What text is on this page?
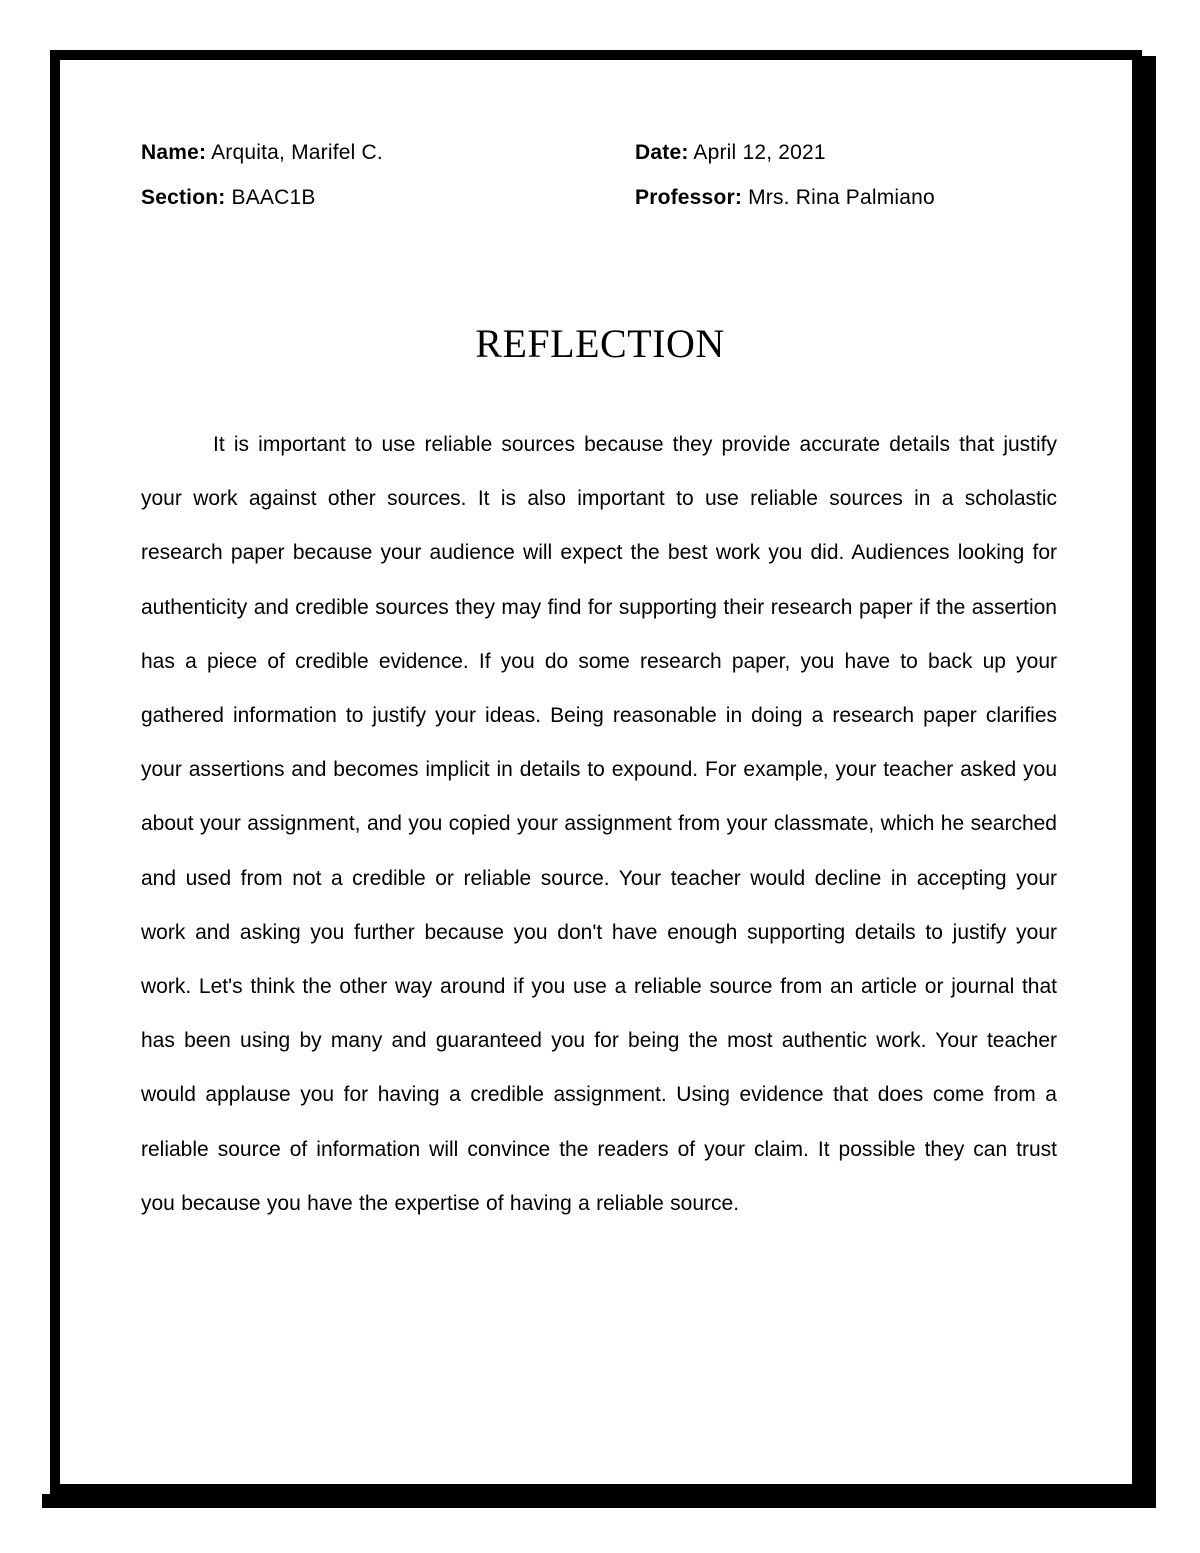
Name: Arquita, Marifel C.	Date: April 12, 2021
Section: BAAC1B	Professor: Mrs. Rina Palmiano
REFLECTION

It is important to use reliable sources because they provide accurate details that justify your work against other sources. It is also important to use reliable sources in a scholastic research paper because your audience will expect the best work you did. Audiences looking for authenticity and credible sources they may find for supporting their research paper if the assertion has a piece of credible evidence. If you do some research paper, you have to back up your gathered information to justify your ideas. Being reasonable in doing a research paper clarifies your assertions and becomes implicit in details to expound. For example, your teacher asked you about your assignment, and you copied your assignment from your classmate, which he searched and used from not a credible or reliable source. Your teacher would decline in accepting your work and asking you further because you don't have enough supporting details to justify your work. Let's think the other way around if you use a reliable source from an article or journal that has been using by many and guaranteed you for being the most authentic work. Your teacher would applause you for having a credible assignment. Using evidence that does come from a reliable source of information will convince the readers of your claim. It possible they can trust you because you have the expertise of having a reliable source.
